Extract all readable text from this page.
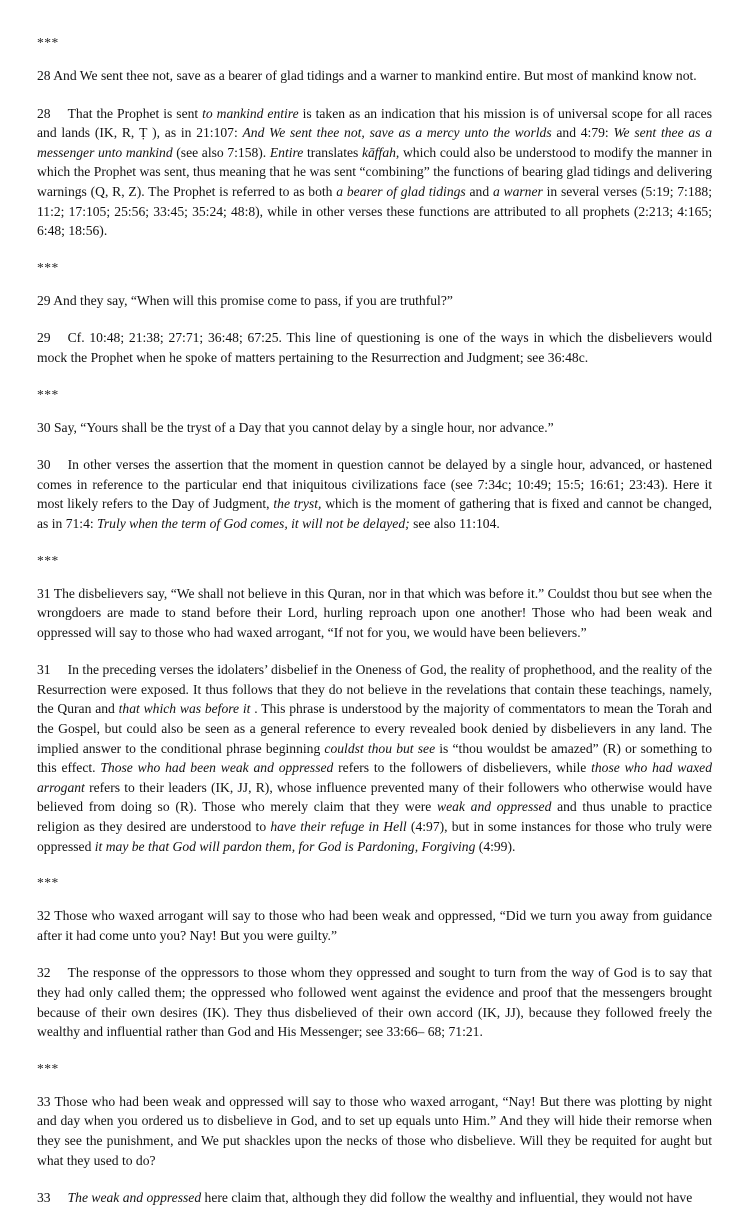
***

28 And We sent thee not, save as a bearer of glad tidings and a warner to mankind entire. But most of mankind know not.

28 That the Prophet is sent to mankind entire is taken as an indication that his mission is of universal scope for all races and lands (IK, R, Ṭ ), as in 21:107: And We sent thee not, save as a mercy unto the worlds and 4:79: We sent thee as a messenger unto mankind (see also 7:158). Entire translates kāffah, which could also be understood to modify the manner in which the Prophet was sent, thus meaning that he was sent “combining” the functions of bearing glad tidings and delivering warnings (Q, R, Z). The Prophet is referred to as both a bearer of glad tidings and a warner in several verses (5:19; 7:188; 11:2; 17:105; 25:56; 33:45; 35:24; 48:8), while in other verses these functions are attributed to all prophets (2:213; 4:165; 6:48; 18:56).

***

29 And they say, “When will this promise come to pass, if you are truthful?”

29 Cf. 10:48; 21:38; 27:71; 36:48; 67:25. This line of questioning is one of the ways in which the disbelievers would mock the Prophet when he spoke of matters pertaining to the Resurrection and Judgment; see 36:48c.

***

30 Say, “Yours shall be the tryst of a Day that you cannot delay by a single hour, nor advance.”

30 In other verses the assertion that the moment in question cannot be delayed by a single hour, advanced, or hastened comes in reference to the particular end that iniquitous civilizations face (see 7:34c; 10:49; 15:5; 16:61; 23:43). Here it most likely refers to the Day of Judgment, the tryst, which is the moment of gathering that is fixed and cannot be changed, as in 71:4: Truly when the term of God comes, it will not be delayed; see also 11:104.

***

31 The disbelievers say, “We shall not believe in this Quran, nor in that which was before it.” Couldst thou but see when the wrongdoers are made to stand before their Lord, hurling reproach upon one another! Those who had been weak and oppressed will say to those who had waxed arrogant, “If not for you, we would have been believers.”

31 In the preceding verses the idolaters’ disbelief in the Oneness of God, the reality of prophethood, and the reality of the Resurrection were exposed. It thus follows that they do not believe in the revelations that contain these teachings, namely, the Quran and that which was before it . This phrase is understood by the majority of commentators to mean the Torah and the Gospel, but could also be seen as a general reference to every revealed book denied by disbelievers in any land. The implied answer to the conditional phrase beginning couldst thou but see is “thou wouldst be amazed” (R) or something to this effect. Those who had been weak and oppressed refers to the followers of disbelievers, while those who had waxed arrogant refers to their leaders (IK, JJ, R), whose influence prevented many of their followers who otherwise would have believed from doing so (R). Those who merely claim that they were weak and oppressed and thus unable to practice religion as they desired are understood to have their refuge in Hell (4:97), but in some instances for those who truly were oppressed it may be that God will pardon them, for God is Pardoning, Forgiving (4:99).

***

32 Those who waxed arrogant will say to those who had been weak and oppressed, “Did we turn you away from guidance after it had come unto you? Nay! But you were guilty.”

32 The response of the oppressors to those whom they oppressed and sought to turn from the way of God is to say that they had only called them; the oppressed who followed went against the evidence and proof that the messengers brought because of their own desires (IK). They thus disbelieved of their own accord (IK, JJ), because they followed freely the wealthy and influential rather than God and His Messenger; see 33:66– 68; 71:21.

***

33 Those who had been weak and oppressed will say to those who waxed arrogant, “Nay! But there was plotting by night and day when you ordered us to disbelieve in God, and to set up equals unto Him.” And they will hide their remorse when they see the punishment, and We put shackles upon the necks of those who disbelieve. Will they be requited for aught but what they used to do?

33 The weak and oppressed here claim that, although they did follow the wealthy and influential, they would not have
